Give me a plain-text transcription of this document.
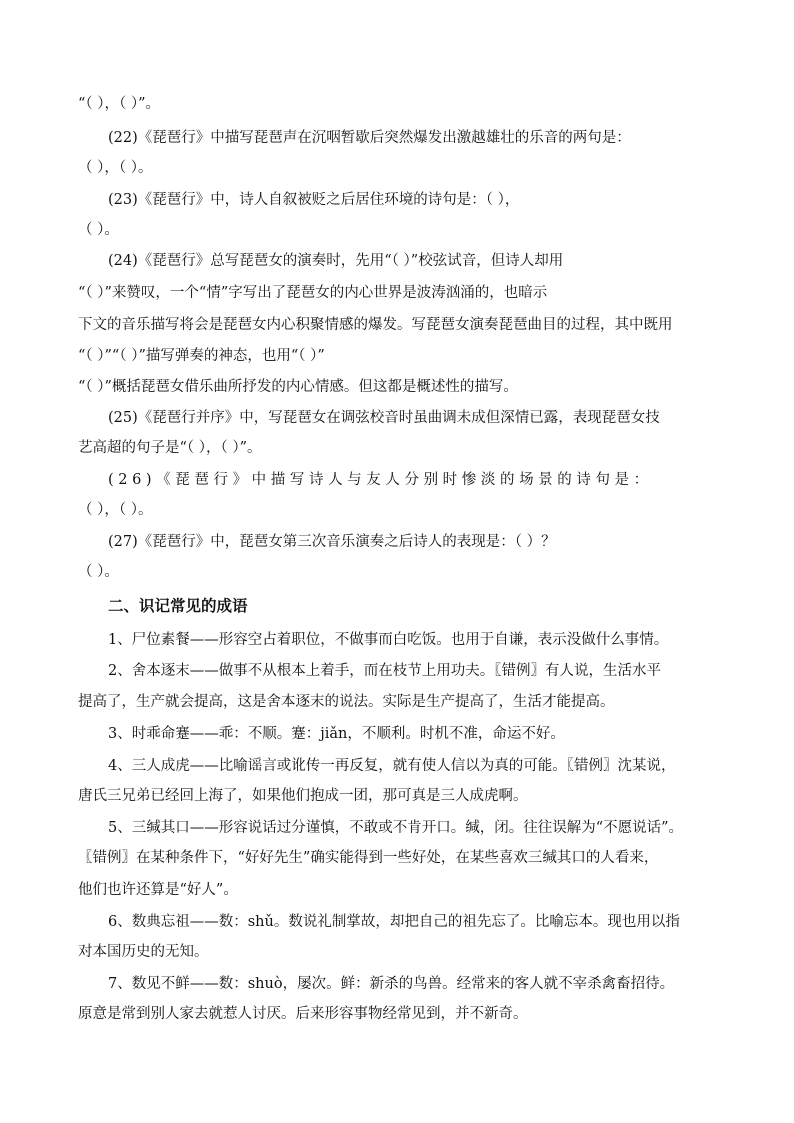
“（ ），（ ）”。
(22)《琵琶行》中描写琵琶声在沉咽暂歇后突然爆发出激越雄壮的乐音的两句是：
（ ），（ ）。
(23)《琵琶行》中，诗人自叙被贬之后居住环境的诗句是：（ ），
（ ）。
(24)《琵琶行》总写琵琶女的演奏时，先用“（ ）”校弦试音，但诗人却用
“（ ）”来赞叹，一个“情”字写出了琵琶女的内心世界是波涛汹涌的，也暗示
下文的音乐描写将会是琵琶女内心积聚情感的爆发。写琵琶女演奏琵琶曲目的过程，其中既用
“（ ）”“（ ）”描写弹奏的神态，也用“（ ）”
“（ ）”概括琵琶女借乐曲所抒发的内心情感。但这都是概述性的描写。
(25)《琵琶行并序》中，写琵琶女在调弦校音时虽曲调未成但深情已露，表现琵琶女技
艺高超的句子是“（ ），（ ）”。
(26)《琵琶行》中描写诗人与友人分别时惨淡的场景的诗句是：
（ ），（ ）。
(27)《琵琶行》中，琵琶女第三次音乐演奏之后诗人的表现是：（ ）？
（ ）。
二、识记常见的成语
1、尸位素餐——形容空占着职位，不做事而白吃饭。也用于自谦，表示没做什么事情。
2、舍本逐末——做事不从根本上着手，而在枝节上用功夫。〖错例〗有人说，生活水平
提高了，生产就会提高，这是舍本逐末的说法。实际是生产提高了，生活才能提高。
3、时乖命蹇——乖：不顺。蹇：jiǎn，不顺利。时机不准，命运不好。
4、三人成虎——比喻谣言或讹传一再反复，就有使人信以为真的可能。〖错例〗沈某说，
唐氏三兄弟已经回上海了，如果他们抱成一团，那可真是三人成虎啊。
5、三缄其口——形容说话过分谨慎，不敢或不肯开口。缄，闭。往往误解为“不愿说话”。
〖错例〗在某种条件下，“好好先生”确实能得到一些好处，在某些喜欢三缄其口的人看来，
他们也许还算是“好人”。
6、数典忘祖——数：shǔ。数说礼制掌故，却把自己的祖先忘了。比喻忘本。现也用以指
对本国历史的无知。
7、数见不鲜——数：shuò，屡次。鲜：新杀的鸟兽。经常来的客人就不宰杀禽畜招待。
原意是常到别人家去就惹人讨厌。后来形容事物经常见到，并不新奇。
